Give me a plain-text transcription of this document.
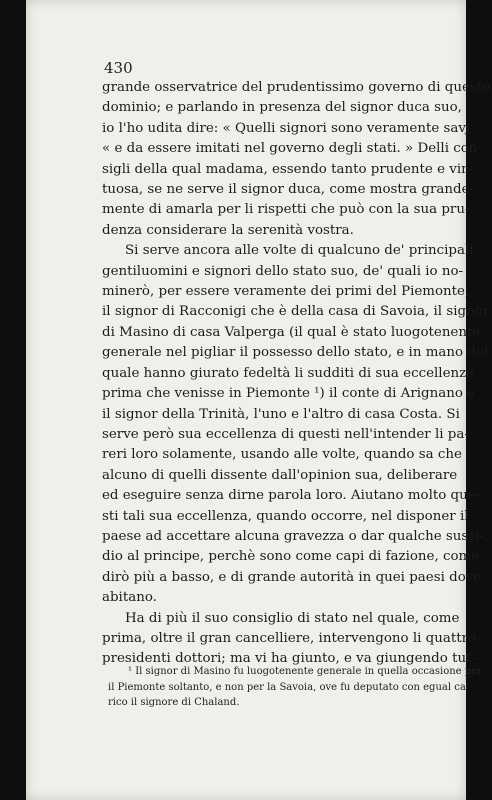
430

grande osservatrice del prudentissimo governo di questo
dominio; e parlando in presenza del signor duca suo,
io l'ho udita dire: « Quelli signori sono veramente savj,
« e da essere imitati nel governo degli stati. » Delli con-
sigli della qual madama, essendo tanto prudente e vir-
tuosa, se ne serve il signor duca, come mostra grande-
mente di amarla per li rispetti che può con la sua pru-
denza considerare la serenità vostra.
Si serve ancora alle volte di qualcuno de' principali
gentiluomini e signori dello stato suo, de' quali io no-
minerò, per essere veramente dei primi del Piemonte,
il signor di Racconigi che è della casa di Savoia, il signor
di Masino di casa Valperga (il qual è stato luogotenente
generale nel pigliar il possesso dello stato, e in mano del
quale hanno giurato fedeltà li sudditi di sua eccellenza
prima che venisse in Piemonte ¹) il conte di Arignano e
il signor della Trinità, l'uno e l'altro di casa Costa. Si
serve però sua eccellenza di questi nell'intender li pa-
reri loro solamente, usando alle volte, quando sa che
alcuno di quelli dissente dall'opinion sua, deliberare
ed eseguire senza dirne parola loro. Aiutano molto que-
sti tali sua eccellenza, quando occorre, nel disponer il
paese ad accettare alcuna gravezza o dar qualche sussi-
dio al principe, perchè sono come capi di fazione, come
dirò più a basso, e di grande autorità in quei paesi dove
abitano.
Ha di più il suo consiglio di stato nel quale, come
prima, oltre il gran cancelliere, intervengono li quattro
presidenti dottori; ma vi ha giunto, e va giungendo tut-
¹ Il signor di Masino fu luogotenente generale in quella occasione per
il Piemonte soltanto, e non per la Savoia, ove fu deputato con egual ca-
rico il signore di Chaland.
